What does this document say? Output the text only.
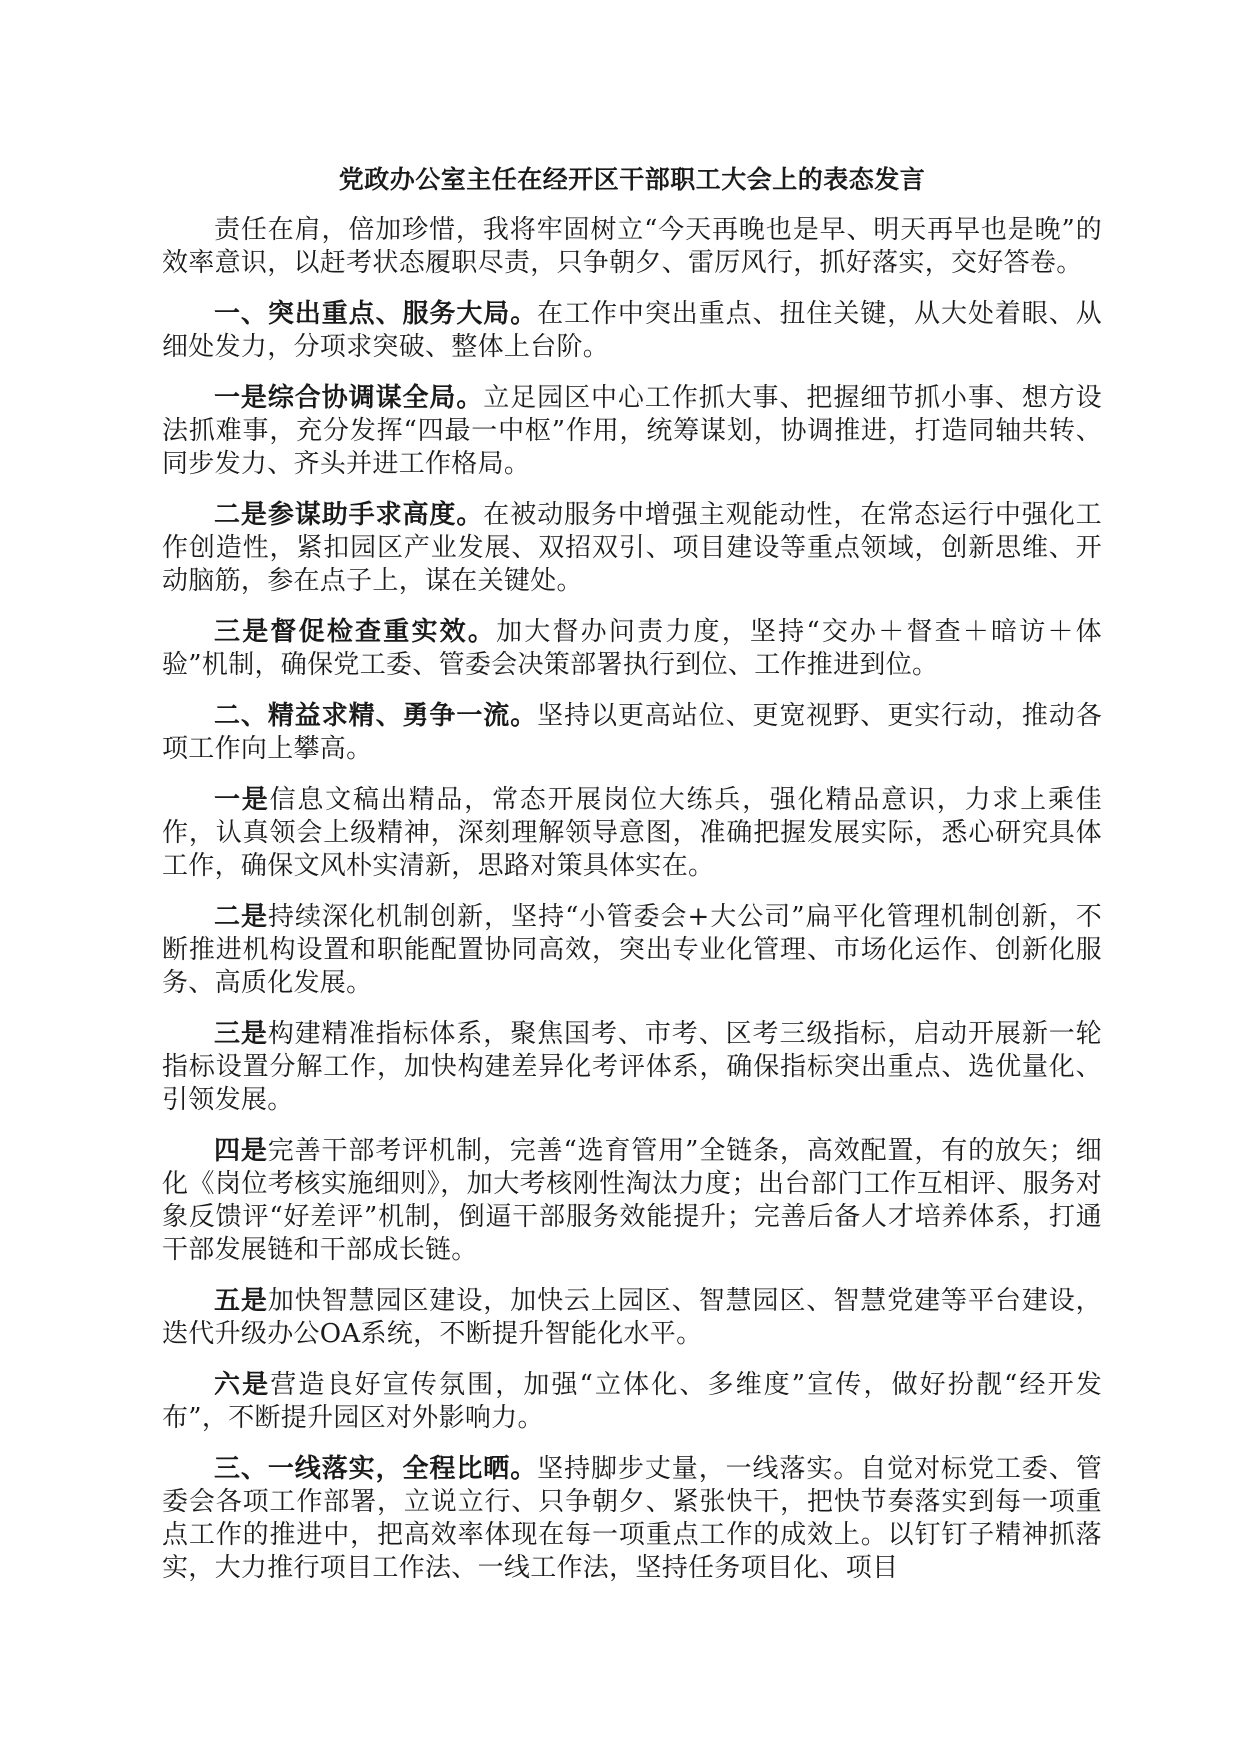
党政办公室主任在经开区干部职工大会上的表态发言

责任在肩，倍加珍惜，我将牢固树立“今天再晚也是早、明天再早也是晚”的效率意识，以赶考状态履职尽责，只争朝夕、雷厉风行，抓好落实，交好答卷。

一、突出重点、服务大局。在工作中突出重点、扭住关键，从大处着眼、从细处发力，分项求突破、整体上台阶。

一是综合协调谋全局。立足园区中心工作抓大事、把握细节抓小事、想方设法抓难事，充分发挥“四最一中枢”作用，统筹谋划，协调推进，打造同轴共转、同步发力、齐头并进工作格局。

二是参谋助手求高度。在被动服务中增强主观能动性，在常态运行中强化工作创造性，紧扣园区产业发展、双招双引、项目建设等重点领域，创新思维、开动脑筋，参在点子上，谋在关键处。

三是督促检查重实效。加大督办问责力度，坚持“交办＋督查＋暗访＋体验”机制，确保党工委、管委会决策部署执行到位、工作推进到位。

二、精益求精、勇争一流。坚持以更高站位、更宽视野、更实行动，推动各项工作向上攀高。

一是信息文稿出精品，常态开展岗位大练兵，强化精品意识，力求上乘佳作，认真领会上级精神，深刻理解领导意图，准确把握发展实际，悉心研究具体工作，确保文风朴实清新，思路对策具体实在。

二是持续深化机制创新，坚持“小管委会+大公司”扁平化管理机制创新，不断推进机构设置和职能配置协同高效，突出专业化管理、市场化运作、创新化服务、高质化发展。

三是构建精准指标体系，聚焦国考、市考、区考三级指标，启动开展新一轮指标设置分解工作，加快构建差异化考评体系，确保指标突出重点、选优量化、引领发展。

四是完善干部考评机制，完善“选育管用”全链条，高效配置，有的放矢；细化《岗位考核实施细则》，加大考核刚性淘汰力度；出台部门工作互相评、服务对象反馈评“好差评”机制，倒逼干部服务效能提升；完善后备人才培养体系，打通干部发展链和干部成长链。

五是加快智慧园区建设，加快云上园区、智慧园区、智慧党建等平台建设，迭代升级办公OA系统，不断提升智能化水平。

六是营造良好宣传氛围，加强“立体化、多维度”宣传，做好扮靓“经开发布”，不断提升园区对外影响力。

三、一线落实，全程比晒。坚持脚步丈量，一线落实。自觉对标党工委、管委会各项工作部署，立说立行、只争朝夕、紧张快干，把快节奏落实到每一项重点工作的推进中，把高效率体现在每一项重点工作的成效上。以钉钉子精神抓落实，大力推行项目工作法、一线工作法，坚持任务项目化、项目
